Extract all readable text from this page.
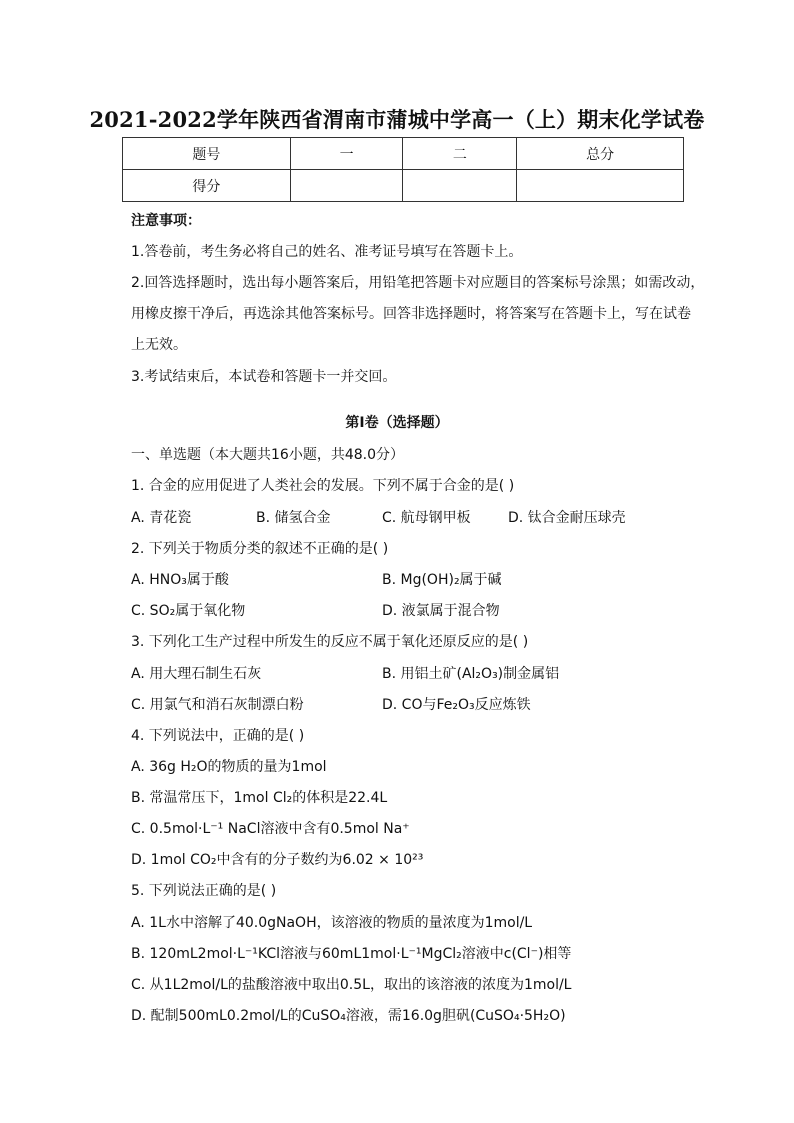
2021-2022学年陕西省渭南市蒲城中学高一（上）期末化学试卷
题号	一	二	总分
得分			
注意事项：
1.答卷前，考生务必将自己的姓名、准考证号填写在答题卡上。
2.回答选择题时，选出每小题答案后，用铅笔把答题卡对应题目的答案标号涂黑；如需改动，
用橡皮擦干净后，再选涂其他答案标号。回答非选择题时，将答案写在答题卡上，写在试卷
上无效。
3.考试结束后，本试卷和答题卡一并交回。
第Ⅰ卷（选择题）
一、单选题（本大题共16小题，共48.0分）
1. 合金的应用促进了人类社会的发展。下列不属于合金的是( )
A. 青花瓷	B. 储氢合金	C. 航母钢甲板	D. 钛合金耐压球壳
2. 下列关于物质分类的叙述不正确的是( )
A. HNO₃属于酸	B. Mg(OH)₂属于碱
C. SO₂属于氧化物	D. 液氯属于混合物
3. 下列化工生产过程中所发生的反应不属于氧化还原反应的是( )
A. 用大理石制生石灰	B. 用铝土矿(Al₂O₃)制金属铝
C. 用氯气和消石灰制漂白粉	D. CO与Fe₂O₃反应炼铁
4. 下列说法中，正确的是( )
A. 36g H₂O的物质的量为1mol
B. 常温常压下，1mol Cl₂的体积是22.4L
C. 0.5mol·L⁻¹ NaCl溶液中含有0.5mol Na⁺
D. 1mol CO₂中含有的分子数约为6.02 × 10²³
5. 下列说法正确的是( )
A. 1L水中溶解了40.0gNaOH，该溶液的物质的量浓度为1mol/L
B. 120mL2mol·L⁻¹KCl溶液与60mL1mol·L⁻¹MgCl₂溶液中c(Cl⁻)相等
C. 从1L2mol/L的盐酸溶液中取出0.5L，取出的该溶液的浓度为1mol/L
D. 配制500mL0.2mol/L的CuSO₄溶液，需16.0g胆矾(CuSO₄·5H₂O)
